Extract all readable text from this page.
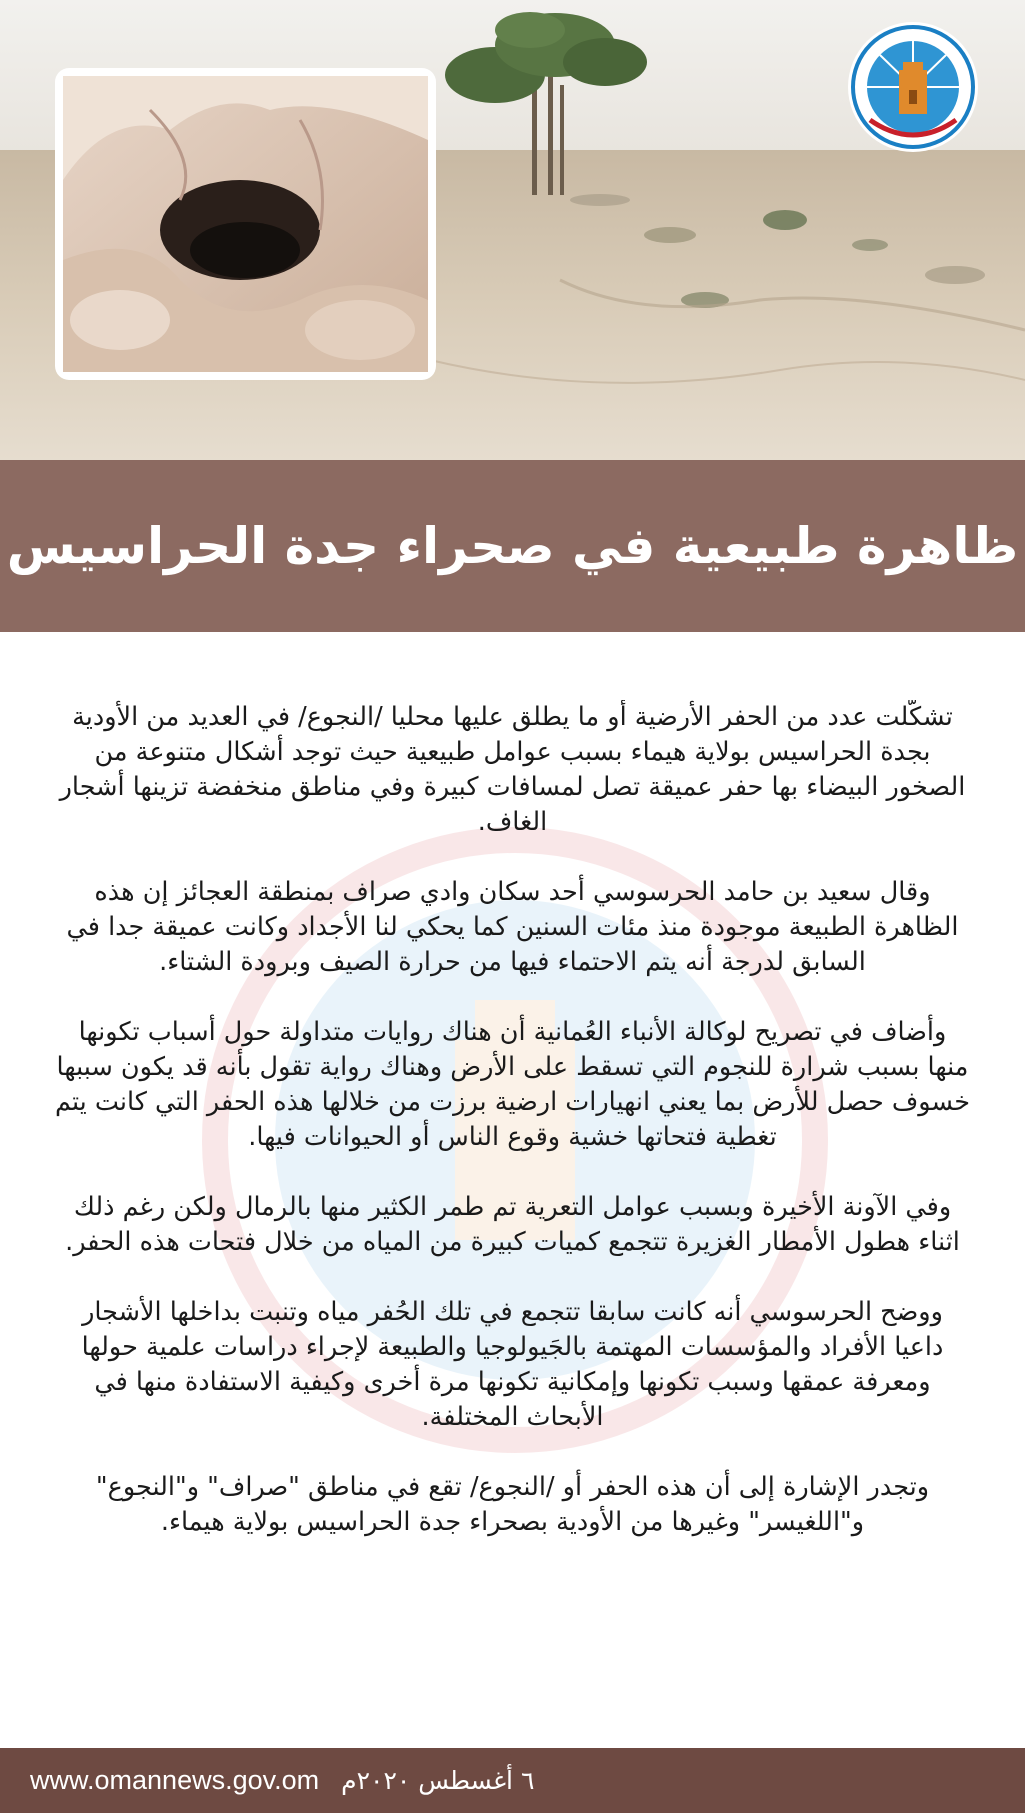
ظاهرة طبيعية في صحراء جدة الحراسيس

تشكّلت عدد من الحفر الأرضية أو ما يطلق عليها محليا /النجوع/ في العديد من الأودية بجدة الحراسيس بولاية هيماء بسبب عوامل طبيعية حيث توجد أشكال متنوعة من الصخور البيضاء بها حفر عميقة تصل لمسافات كبيرة وفي مناطق منخفضة تزينها أشجار الغاف.

وقال سعيد بن حامد الحرسوسي أحد سكان وادي صراف بمنطقة العجائز إن هذه الظاهرة الطبيعة موجودة منذ مئات السنين كما يحكي لنا الأجداد وكانت عميقة جدا في السابق لدرجة أنه يتم الاحتماء فيها من حرارة الصيف وبرودة الشتاء.

وأضاف في تصريح لوكالة الأنباء العُمانية أن هناك روايات متداولة حول أسباب تكونها منها بسبب شرارة للنجوم التي تسقط على الأرض وهناك رواية تقول بأنه قد يكون سببها خسوف حصل للأرض بما يعني انهيارات ارضية برزت من خلالها هذه الحفر التي كانت يتم تغطية فتحاتها خشية وقوع الناس أو الحيوانات فيها.

وفي الآونة الأخيرة وبسبب عوامل التعرية تم طمر الكثير منها بالرمال ولكن رغم ذلك اثناء هطول الأمطار الغزيرة تتجمع كميات كبيرة من المياه من خلال فتحات هذه الحفر.

ووضح الحرسوسي أنه كانت سابقا تتجمع في تلك الحُفر مياه وتنبت بداخلها الأشجار داعيا الأفراد والمؤسسات المهتمة بالجَيولوجيا والطبيعة لإجراء دراسات علمية حولها ومعرفة عمقها وسبب تكونها وإمكانية تكونها مرة أخرى وكيفية الاستفادة منها في الأبحاث المختلفة.

وتجدر الإشارة إلى أن هذه الحفر أو /النجوع/ تقع في مناطق "صراف" و"النجوع" و"اللغيسر" وغيرها من الأودية بصحراء جدة الحراسيس بولاية هيماء.

www.omannews.gov.om ٦ أغسطس ٢٠٢٠م
